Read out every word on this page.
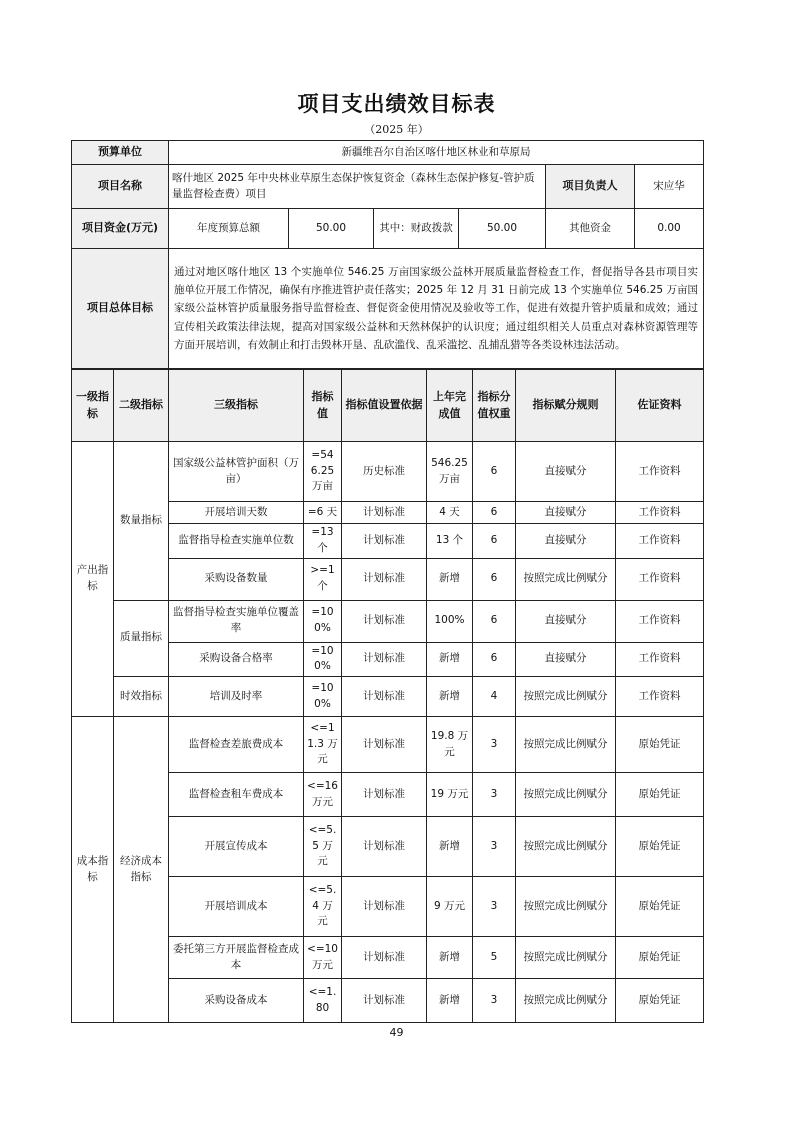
项目支出绩效目标表
（2025 年）
预算单位	新疆维吾尔自治区喀什地区林业和草原局					
项目名称	喀什地区 2025 年中央林业草原生态保护恢复资金（森林生态保护修复-管护质量监督检查费）项目				项目负责人	宋应华
项目资金(万元)	年度预算总额	50.00	其中：财政拨款	50.00	其他资金	0.00
项目总体目标	通过对地区喀什地区 13 个实施单位 546.25 万亩国家级公益林开展质量监督检查工作，督促指导各县市项目实施单位开展工作情况，确保有序推进管护责任落实；2025 年 12 月 31 日前完成 13 个实施单位 546.25 万亩国家级公益林管护质量服务指导监督检查、督促资金使用情况及验收等工作，促进有效提升管护质量和成效；通过宣传相关政策法律法规，提高对国家级公益林和天然林保护的认识度；通过组织相关人员重点对森林资源管理等方面开展培训，有效制止和打击毁林开垦、乱砍滥伐、乱采滥挖、乱捕乱猎等各类设林违法活动。					
一级指标	二级指标	三级指标	指标值	指标值设置依据	上年完成值	指标分值权重	指标赋分规则	佐证资料
产出指标	数量指标	国家级公益林管护面积（万亩）	=546.25 万亩	历史标准	546.25 万亩	6	直接赋分	工作资料
		开展培训天数	=6 天	计划标准	4 天	6	直接赋分	工作资料
		监督指导检查实施单位数	=13 个	计划标准	13 个	6	直接赋分	工作资料
		采购设备数量	>=1 个	计划标准	新增	6	按照完成比例赋分	工作资料
	质量指标	监督指导检查实施单位覆盖率	=100%	计划标准	100%	6	直接赋分	工作资料
		采购设备合格率	=100%	计划标准	新增	6	直接赋分	工作资料
	时效指标	培训及时率	=100%	计划标准	新增	4	按照完成比例赋分	工作资料
成本指标	经济成本指标	监督检查差旅费成本	<=11.3 万元	计划标准	19.8 万元	3	按照完成比例赋分	原始凭证
		监督检查租车费成本	<=16 万元	计划标准	19 万元	3	按照完成比例赋分	原始凭证
		开展宣传成本	<=5.5 万元	计划标准	新增	3	按照完成比例赋分	原始凭证
		开展培训成本	<=5.4 万元	计划标准	9 万元	3	按照完成比例赋分	原始凭证
		委托第三方开展监督检查成本	<=10 万元	计划标准	新增	5	按照完成比例赋分	原始凭证
		采购设备成本	<=1.80	计划标准	新增	3	按照完成比例赋分	原始凭证
49
